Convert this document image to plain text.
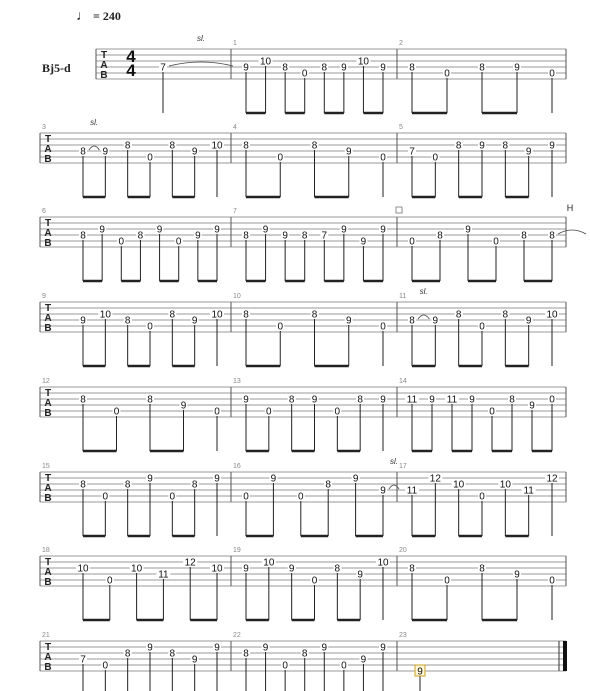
♩ = 240
Bj5-d
T
A
B
4
4 7
sl.
1
9
10
8
0
8 9
10
9
2
8
0
8	9
0
T
A
B
3
8 9
8
0
8
9
10
sl.
4
8
0
8
9
0
5
7
0
8 9 8
9
9
T
A
B
6
8
9
0
8
9
0
9
9
7
8
9
9 8 7
9
9
9
0
8
9
0
8 8
H
T
A
B
9
9
10
8
0
8
9
10
10
8
0
8
9
0
11
8 9
8
0
8
9
10
sl.
T
A
B
12
8
0
8
9
0
13
9
0
8 9
0
8 9
14
11 9 11 9
0
8
9
0
T
A
B
15
8
0
8
9
0
8
9
16
0
9
0
8
9
9
sl.
17
11
12
10
0
10
11
12
T
A
B
18
10
0
10
11
12
10
19
9
10
9
0
8
9
10
20
8
0
8
9
0
T
A
B
21
7
0
8
9
8
9
9
22
8
9
0
8
9
0
9
9
23
9
